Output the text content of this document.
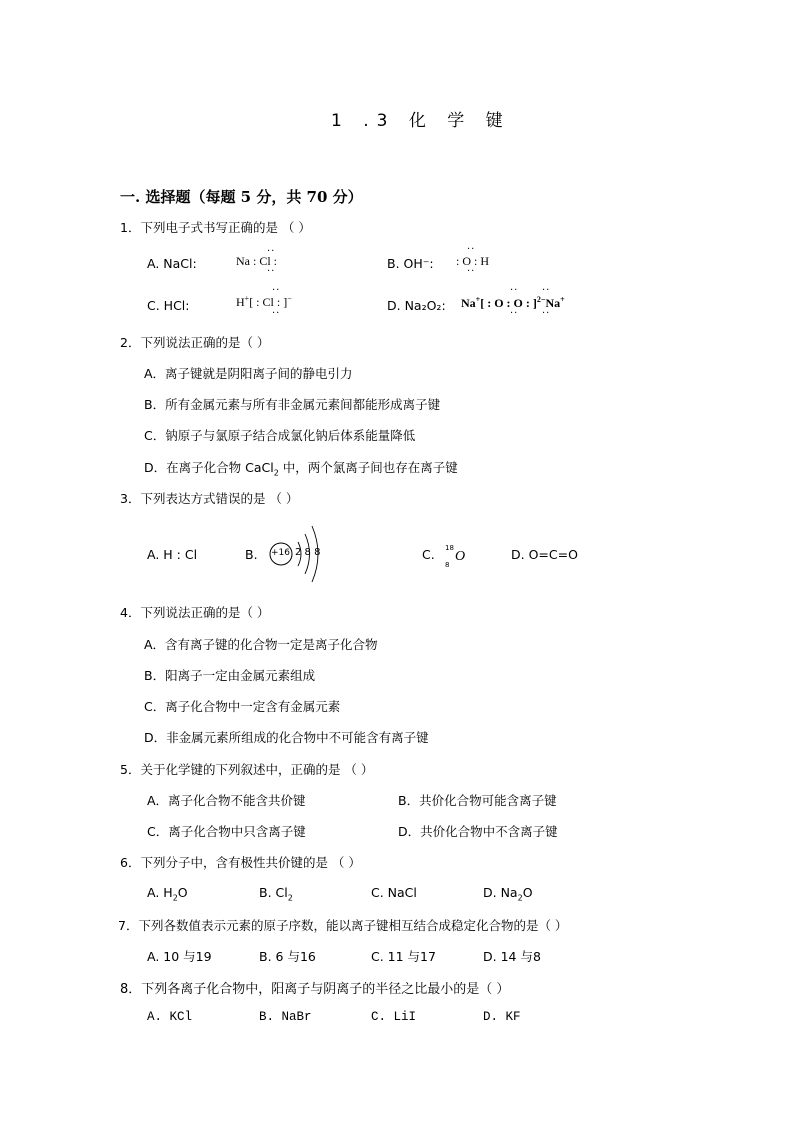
1 .3 化 学 键
一. 选择题（每题 5 分，共 70 分）
1．下列电子式书写正确的是 （ ）
A. NaCl:	Na : Cl :
··
··
B. OH⁻: : O : H
··
··
C. HCl:	H+[ : Cl : ]−
··
··
D. Na₂O₂: Na+[ : O : O : ]$^{2-}$Na+
··
··
··
··
2．下列说法正确的是（ ）
A．离子键就是阴阳离子间的静电引力
B．所有金属元素与所有非金属元素间都能形成离子键
C．钠原子与氯原子结合成氯化钠后体系能量降低
D．在离子化合物 CaCl$_2$ 中，两个氯离子间也存在离子键
3．下列表达方式错误的是 （ ）
A. H : Cl	B. +16 2 8 8	C. 18
8
O	D. O=C=O
4．下列说法正确的是（ ）
A．含有离子键的化合物一定是离子化合物
B．阳离子一定由金属元素组成
C．离子化合物中一定含有金属元素
D．非金属元素所组成的化合物中不可能含有离子键
5．关于化学键的下列叙述中，正确的是 （ ）
A．离子化合物不能含共价键	B．共价化合物可能含离子键
C．离子化合物中只含离子键	D．共价化合物中不含离子键
6．下列分子中，含有极性共价键的是 （ ）
A. $H_2O$	B. $Cl_2$	C. NaCl	D. $Na_2O$
7．下列各数值表示元素的原子序数，能以离子键相互结合成稳定化合物的是（ ）
A. 10 与19	B. 6 与16	C. 11 与17	D. 14 与8
8．下列各离子化合物中，阳离子与阴离子的半径之比最小的是（ ）
A. KCl	B. NaBr	C. LiI	D. KF
